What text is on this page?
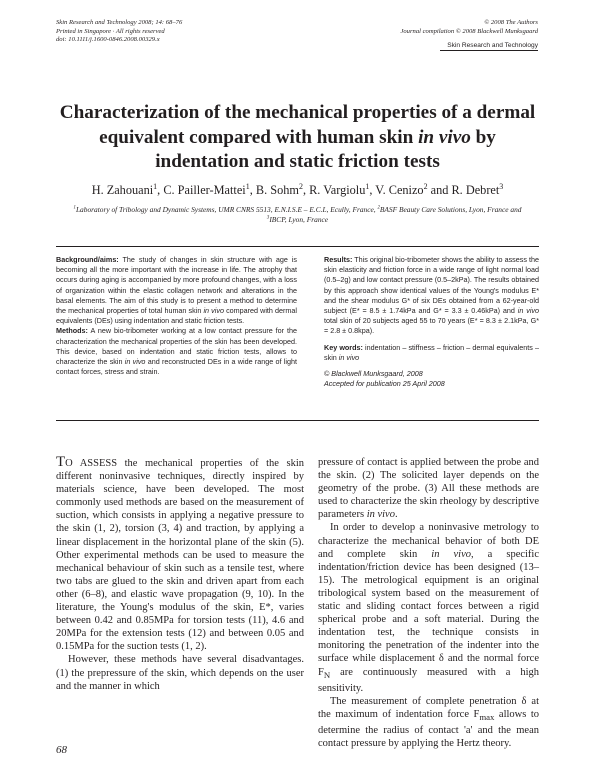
Skin Research and Technology 2008; 14: 68–76
Printed in Singapore · All rights reserved
doi: 10.1111/j.1600-0846.2008.00329.x
© 2008 The Authors
Journal compilation © 2008 Blackwell Munksgaard
Skin Research and Technology
Characterization of the mechanical properties of a dermal
equivalent compared with human skin in vivo by
indentation and static friction tests
H. Zahouani$^1$, C. Pailler-Mattei$^1$, B. Sohm$^2$, R. Vargiolu$^1$, V. Cenizo$^2$ and R. Debret$^3$
$^1$Laboratory of Tribology and Dynamic Systems, UMR CNRS 5513, E.N.I.S.E – E.C.L, Ecully, France, $^2$BASF Beauty Care Solutions, Lyon, France and
$^3$IBCP, Lyon, France

Background/aims: The study of changes in skin structure with age is becoming all the more important with the increase in life. The atrophy that occurs during aging is accompanied by more profound changes, with a loss of organization within the elastic collagen network and alterations in the basal elements. The aim of this study is to present a method to determine the mechanical properties of total human skin in vivo compared with dermal equivalents (DEs) using indentation and static friction tests.

Methods: A new bio-tribometer working at a low contact pressure for the characterization the mechanical properties of the skin has been developed. This device, based on indentation and static friction tests, allows to characterize the skin in vivo and reconstructed DEs in a wide range of light contact forces, stress and strain.

Results: This original bio-tribometer shows the ability to assess the skin elasticity and friction force in a wide range of light normal load (0.5–2g) and low contact pressure (0.5–2kPa). The results obtained by this approach show identical values of the Young's modulus E* and the shear modulus G* of six DEs obtained from a 62-year-old subject (E* = 8.5 ± 1.74kPa and G* = 3.3 ± 0.46kPa) and in vivo total skin of 20 subjects aged 55 to 70 years (E* = 8.3 ± 2.1kPa, G* = 2.8 ± 0.8kpa).

Key words: indentation – stiffness – friction – dermal equivalents – skin in vivo

© Blackwell Munksgaard, 2008

Accepted for publication 25 April 2008

TO ASSESS the mechanical properties of the skin different noninvasive techniques, directly inspired by materials science, have been developed. The most commonly used methods are based on the measurement of suction, which consists in applying a negative pressure to the skin (1, 2), torsion (3, 4) and traction, by applying a linear displacement in the horizontal plane of the skin (5). Other experimental methods can be used to measure the mechanical behaviour of skin such as a tensile test, where two tabs are glued to the skin and driven apart from each other (6–8), and elastic wave propagation (9, 10). In the literature, the Young's modulus of the skin, E*, varies between 0.42 and 0.85MPa for torsion tests (11), 4.6 and 20MPa for the extension tests (12) and between 0.05 and 0.15MPa for the suction tests (1, 2).

However, these methods have several disadvantages. (1) the prepressure of the skin, which depends on the user and the manner in which

pressure of contact is applied between the probe and the skin. (2) The solicited layer depends on the geometry of the probe. (3) All these methods are used to characterize the skin rheology by descriptive parameters in vivo.

In order to develop a noninvasive metrology to characterize the mechanical behavior of both DE and complete skin in vivo, a specific indentation/friction device has been designed (13–15). The metrological equipment is an original tribological system based on the measurement of static and sliding contact forces between a rigid spherical probe and a soft material. During the indentation test, the technique consists in monitoring the penetration of the indenter into the surface while displacement δ and the normal force $F_N$ are continuously measured with a high sensitivity.

The measurement of complete penetration δ at the maximum of indentation force $F_{max}$ allows to determine the radius of contact 'a' and the mean contact pressure by applying the Hertz theory.

68
